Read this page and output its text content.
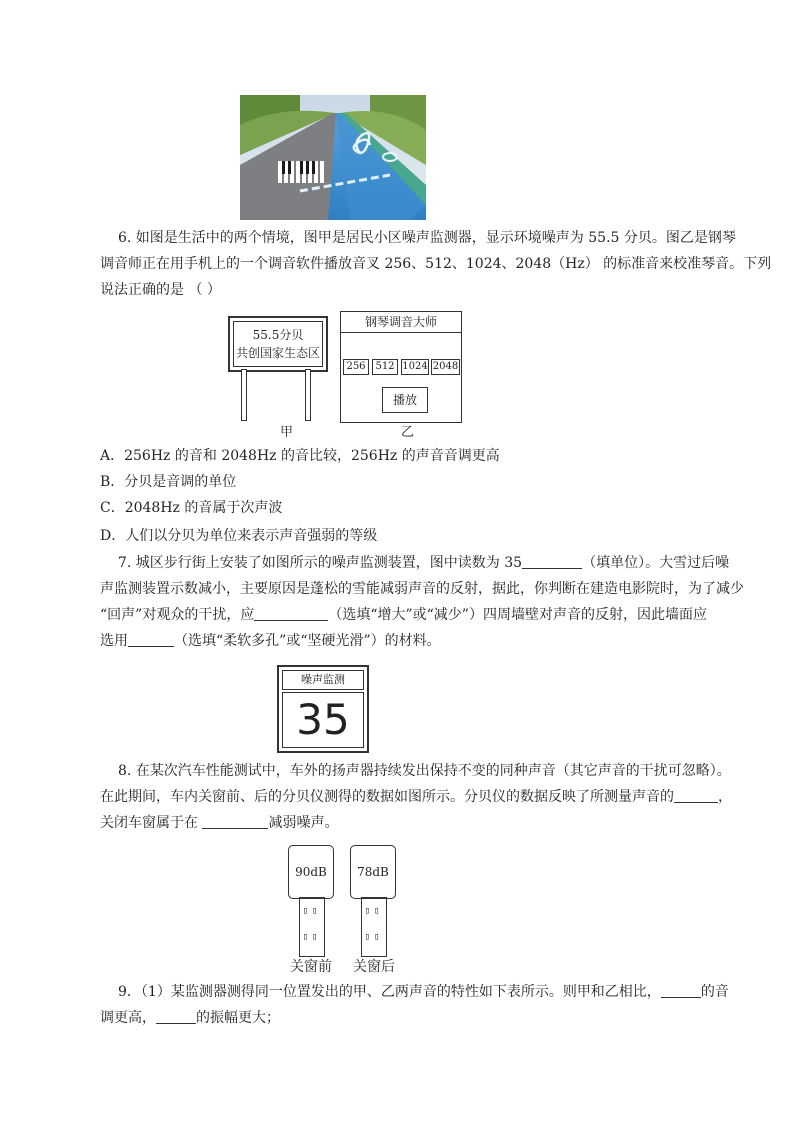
6. 如图是生活中的两个情境，图甲是居民小区噪声监测器，显示环境噪声为 55.5 分贝。图乙是钢琴
调音师正在用手机上的一个调音软件播放音叉 256、512、1024、2048（Hz） 的标准音来校准琴音。下列
说法正确的是 （ ）
55.5分贝
共创国家生态区
甲
钢琴调音大师
256 512 1024 2048
播放
乙
A．256Hz 的音和 2048Hz 的音比较，256Hz 的声音音调更高
B．分贝是音调的单位
C．2048Hz 的音属于次声波
D．人们以分贝为单位来表示声音强弱的等级
7. 城区步行街上安装了如图所示的噪声监测装置，图中读数为 35	（填单位）。大雪过后噪
声监测装置示数减小，主要原因是蓬松的雪能减弱声音的反射，据此，你判断在建造电影院时，为了减少
“回声”对观众的干扰，应	（选填“增大”或“减少”）四周墙壁对声音的反射，因此墙面应
选用	（选填“柔软多孔”或“坚硬光滑”）的材料。
噪声监测
35
8. 在某次汽车性能测试中，车外的扬声器持续发出保持不变的同种声音（其它声音的干扰可忽略）。
在此期间，车内关窗前、后的分贝仪测得的数据如图所示。分贝仪的数据反映了所测量声音的	，
关闭车窗属于在	减弱噪声。
90dB
▯▯
▯▯
78dB
▯▯
▯▯
关窗前 关窗后
9．（1）某监测器测得同一位置发出的甲、乙两声音的特性如下表所示。则甲和乙相比，	的音
调更高，	的振幅更大；
